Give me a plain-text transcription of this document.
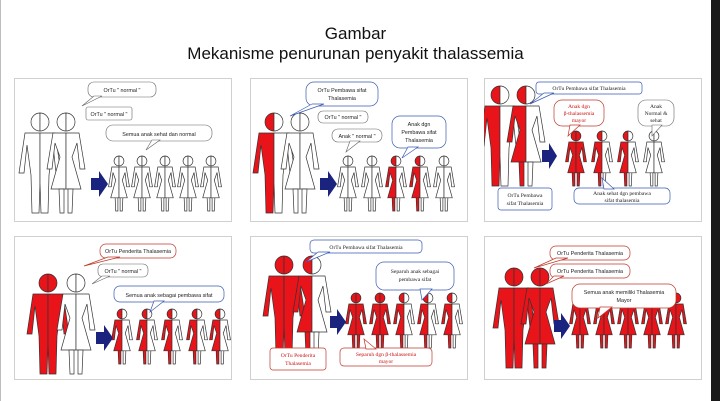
Gambar
Mekanisme penurunan penyakit thalassemia
OrTu " normal "
OrTu " normal "
Semua anak sehat dan normal
OrTu Pembawa sifat
Thalasemia
OrTu " normal "
Anak " normal "
Anak dgn
Pembawa sifat
Thalasemia
OrTu Pembawa sifat Thalasemia
Anak dgn
β-thalassemia
mayor
Anak
Normal &
sehat
OrTu Pembawa
sifat Thalasemia
Anak sehat dgn pembawa
sifat thalasemia
OrTu Penderita Thalasemia
OrTu " normal "
Semua anak sebagai pembawa sifat
OrTu Pembawa sifat Thalasemia
Separuh anak sebagai
pembawa sifat
OrTu Penderita
Thalasemia
Separuh dgn β-thalassemia
mayor
OrTu Penderita Thalasemia
OrTu Penderita Thalasemia
Semua anak memiliki Thalasemia
Mayor
